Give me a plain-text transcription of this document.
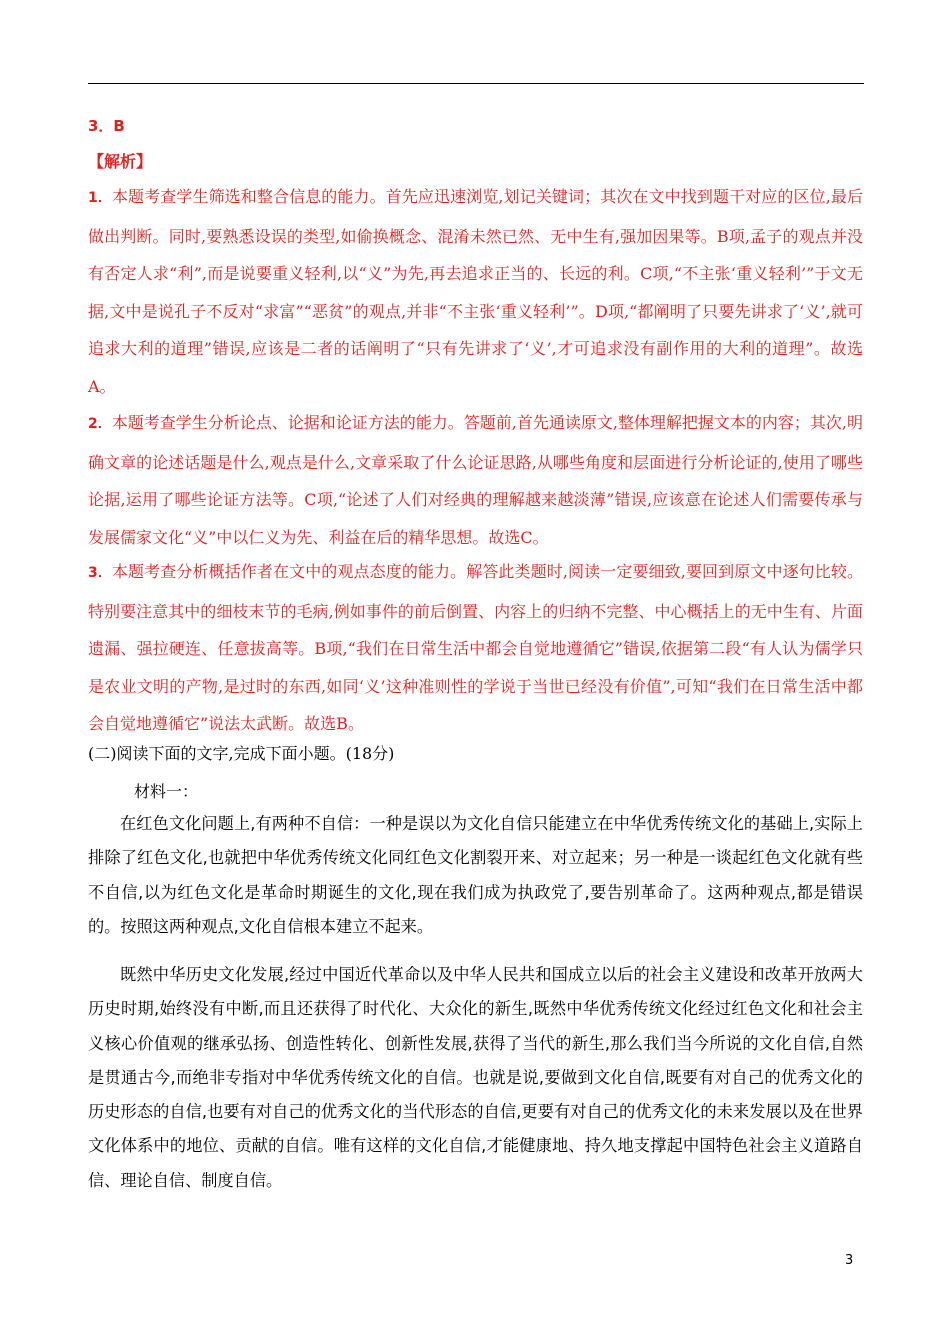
3．B
【解析】

1．本题考查学生筛选和整合信息的能力。首先应迅速浏览,划记关键词；其次在文中找到题干对应的区位,最后做出判断。同时,要熟悉设误的类型,如偷换概念、混淆未然已然、无中生有,强加因果等。B项,孟子的观点并没有否定人求“利”,而是说要重义轻利,以“义”为先,再去追求正当的、长远的利。C项,“不主张‘重义轻利’”于文无据,文中是说孔子不反对“求富”“恶贫”的观点,并非“不主张‘重义轻利’”。D项,“都阐明了只要先讲求了‘义’,就可追求大利的道理”错误,应该是二者的话阐明了“只有先讲求了‘义’,才可追求没有副作用的大利的道理”。故选A。

2．本题考查学生分析论点、论据和论证方法的能力。答题前,首先通读原文,整体理解把握文本的内容；其次,明确文章的论述话题是什么,观点是什么,文章采取了什么论证思路,从哪些角度和层面进行分析论证的,使用了哪些论据,运用了哪些论证方法等。C项,“论述了人们对经典的理解越来越淡薄”错误,应该意在论述人们需要传承与发展儒家文化“义”中以仁义为先、利益在后的精华思想。故选C。

3．本题考查分析概括作者在文中的观点态度的能力。解答此类题时,阅读一定要细致,要回到原文中逐句比较。特别要注意其中的细枝末节的毛病,例如事件的前后倒置、内容上的归纳不完整、中心概括上的无中生有、片面遗漏、强拉硬连、任意拔高等。B项,“我们在日常生活中都会自觉地遵循它”错误,依据第二段“有人认为儒学只是农业文明的产物,是过时的东西,如同‘义’这种准则性的学说于当世已经没有价值”,可知“我们在日常生活中都会自觉地遵循它”说法太武断。故选B。

(二)阅读下面的文字,完成下面小题。(18分)
材料一：

在红色文化问题上,有两种不自信：一种是误以为文化自信只能建立在中华优秀传统文化的基础上,实际上排除了红色文化,也就把中华优秀传统文化同红色文化割裂开来、对立起来；另一种是一谈起红色文化就有些不自信,以为红色文化是革命时期诞生的文化,现在我们成为执政党了,要告别革命了。这两种观点,都是错误的。按照这两种观点,文化自信根本建立不起来。

既然中华历史文化发展,经过中国近代革命以及中华人民共和国成立以后的社会主义建设和改革开放两大历史时期,始终没有中断,而且还获得了时代化、大众化的新生,既然中华优秀传统文化经过红色文化和社会主义核心价值观的继承弘扬、创造性转化、创新性发展,获得了当代的新生,那么我们当今所说的文化自信,自然是贯通古今,而绝非专指对中华优秀传统文化的自信。也就是说,要做到文化自信,既要有对自己的优秀文化的历史形态的自信,也要有对自己的优秀文化的当代形态的自信,更要有对自己的优秀文化的未来发展以及在世界文化体系中的地位、贡献的自信。唯有这样的文化自信,才能健康地、持久地支撑起中国特色社会主义道路自信、理论自信、制度自信。

3
